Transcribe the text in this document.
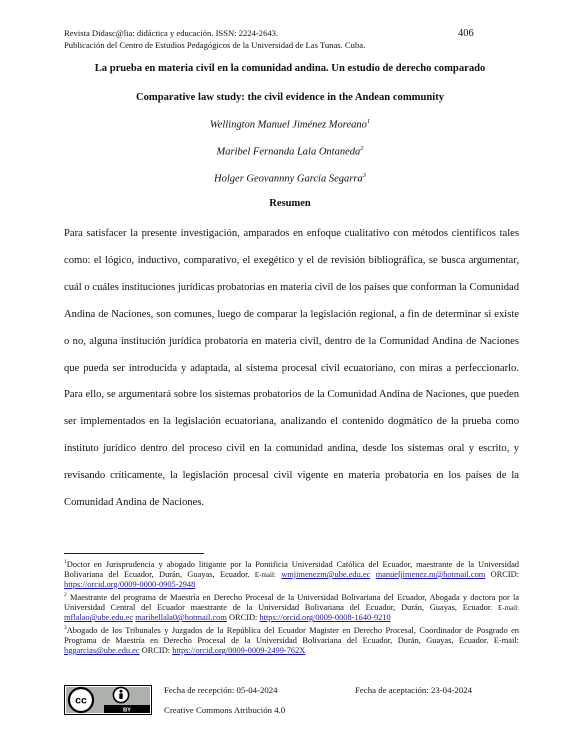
Revista Didasc@lia: didáctica y educación. ISSN: 2224-2643.
Publicación del Centro de Estudios Pedagógicos de la Universidad de Las Tunas. Cuba.
406
La prueba en materia civil en la comunidad andina. Un estudio de derecho comparado
Comparative law study: the civil evidence in the Andean community
Wellington Manuel Jiménez Moreano$^1$
Maribel Fernanda Lala Ontaneda$^2$
Holger Geovannny García Segarra$^3$
Resumen
Para satisfacer la presente investigación, amparados en enfoque cualitativo con métodos científicos tales como: el lógico, inductivo, comparativo, el exegético y el de revisión bibliográfica, se busca argumentar, cuál o cuáles instituciones jurídicas probatorias en materia civil de los países que conforman la Comunidad Andina de Naciones, son comunes, luego de comparar la legislación regional, a fin de determinar si existe o no, alguna institución jurídica probatoria en materia civil, dentro de la Comunidad Andina de Naciones que pueda ser introducida y adaptada, al sistema procesal civil ecuatoriano, con miras a perfeccionarlo. Para ello, se argumentará sobre los sistemas probatorios de la Comunidad Andina de Naciones, que pueden ser implementados en la legislación ecuatoriana, analizando el contenido dogmático de la prueba como instituto jurídico dentro del proceso civil en la comunidad andina, desde los sistemas oral y escrito, y revisando críticamente, la legislación procesal civil vigente en materia probatoria en los países de la Comunidad Andina de Naciones.

$^1$Doctor en Jurisprudencia y abogado litigante por la Pontificia Universidad Católica del Ecuador, maestrante de la Universidad Bolivariana del Ecuador, Durán, Guayas, Ecuador. E-mail: wmjimenezm@ube.edu.ec manueljimenez.m@hotmail.com ORCID: https://orcid.org/0009-0000-0905-2948

$^2$ Maestrante del programa de Maestría en Derecho Procesal de la Universidad Bolivariana del Ecuador, Abogada y doctora por la Universidad Central del Ecuador maestrante de la Universidad Bolivariana del Ecuador, Durán, Guayas, Ecuador. E-mail: mflalao@ube.edu.ec maribellala0@hotmail.com ORCID: https://orcid.org/0009-0008-1640-9210

$^3$Abogado de los Tribunales y Juzgados de la República del Ecuador Magister en Derecho Procesal, Coordinador de Posgrado en Programa de Maestría en Derecho Procesal de la Universidad Bolivariana del Ecuador, Durán, Guayas, Ecuador. E-mail: hggarcias@ube.edu.ec ORCID: https://orcid.org/0009-0009-2499-762X

cc
BY
Fecha de recepción: 05-04-2024	Fecha de aceptación: 23-04-2024
Creative Commons Atribución 4.0
